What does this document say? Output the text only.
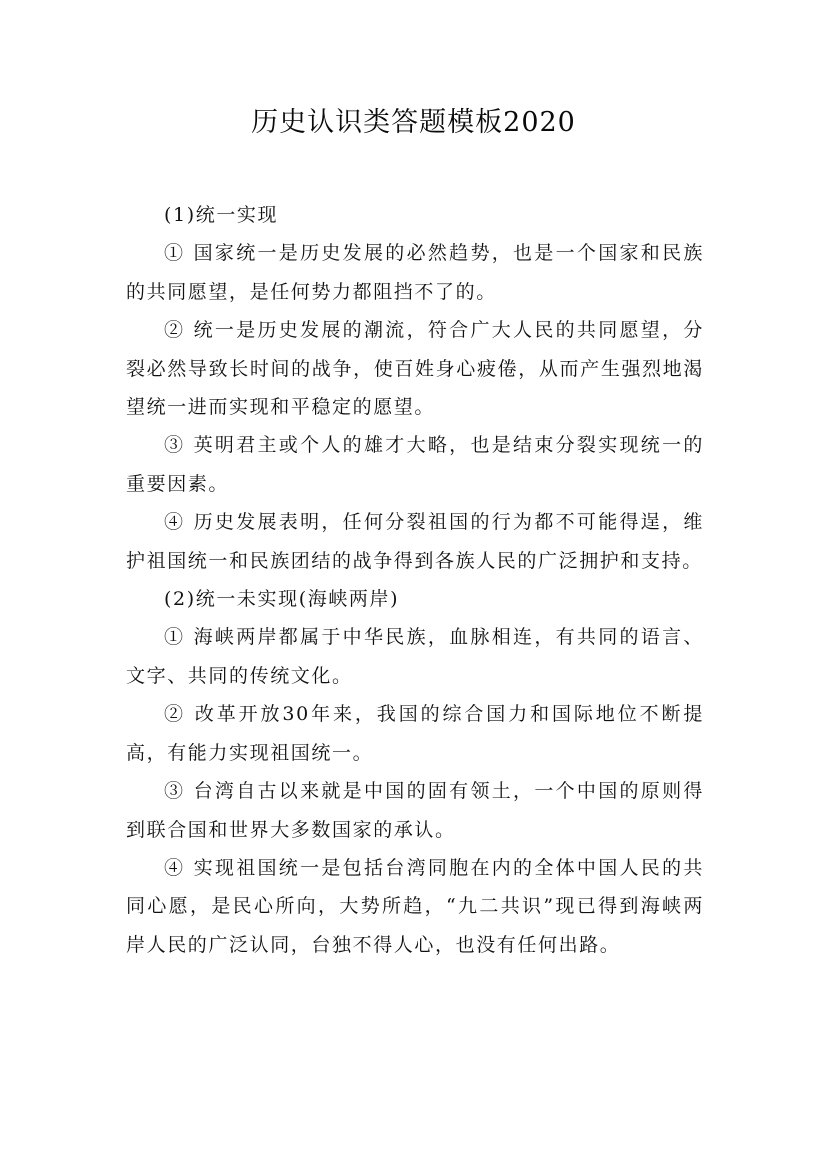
历史认识类答题模板2020

(1)统一实现

① 国家统一是历史发展的必然趋势，也是一个国家和民族的共同愿望，是任何势力都阻挡不了的。

② 统一是历史发展的潮流，符合广大人民的共同愿望，分裂必然导致长时间的战争，使百姓身心疲倦，从而产生强烈地渴望统一进而实现和平稳定的愿望。

③ 英明君主或个人的雄才大略，也是结束分裂实现统一的重要因素。

④ 历史发展表明，任何分裂祖国的行为都不可能得逞，维护祖国统一和民族团结的战争得到各族人民的广泛拥护和支持。

(2)统一未实现(海峡两岸)

① 海峡两岸都属于中华民族，血脉相连，有共同的语言、文字、共同的传统文化。

② 改革开放30年来，我国的综合国力和国际地位不断提高，有能力实现祖国统一。

③ 台湾自古以来就是中国的固有领土，一个中国的原则得到联合国和世界大多数国家的承认。

④ 实现祖国统一是包括台湾同胞在内的全体中国人民的共同心愿，是民心所向，大势所趋，“九二共识”现已得到海峡两岸人民的广泛认同，台独不得人心，也没有任何出路。
